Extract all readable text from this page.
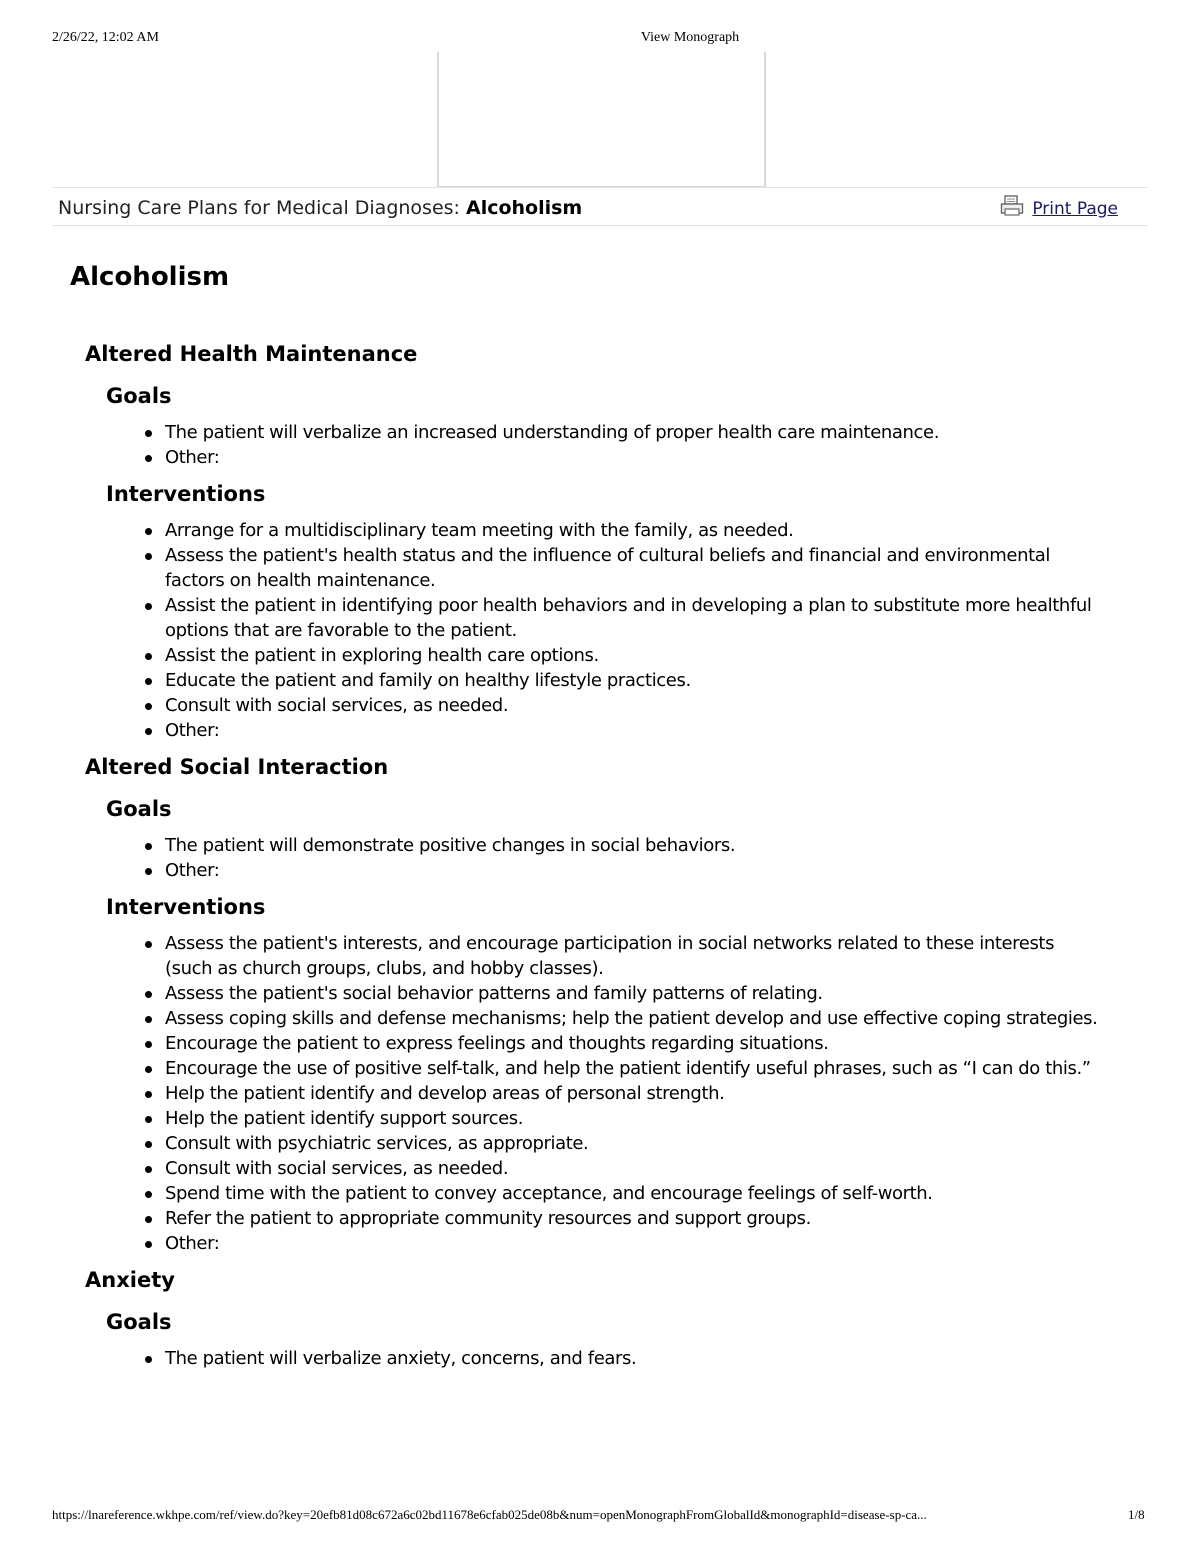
2/26/22, 12:02 AM	View Monograph
Nursing Care Plans for Medical Diagnoses: Alcoholism	Print Page
Alcoholism
Altered Health Maintenance
Goals
The patient will verbalize an increased understanding of proper health care maintenance.
Other:
Interventions
Arrange for a multidisciplinary team meeting with the family, as needed.
Assess the patient's health status and the influence of cultural beliefs and financial and environmental factors on health maintenance.
Assist the patient in identifying poor health behaviors and in developing a plan to substitute more healthful options that are favorable to the patient.
Assist the patient in exploring health care options.
Educate the patient and family on healthy lifestyle practices.
Consult with social services, as needed.
Other:
Altered Social Interaction
Goals
The patient will demonstrate positive changes in social behaviors.
Other:
Interventions
Assess the patient's interests, and encourage participation in social networks related to these interests (such as church groups, clubs, and hobby classes).
Assess the patient's social behavior patterns and family patterns of relating.
Assess coping skills and defense mechanisms; help the patient develop and use effective coping strategies.
Encourage the patient to express feelings and thoughts regarding situations.
Encourage the use of positive self-talk, and help the patient identify useful phrases, such as “I can do this.”
Help the patient identify and develop areas of personal strength.
Help the patient identify support sources.
Consult with psychiatric services, as appropriate.
Consult with social services, as needed.
Spend time with the patient to convey acceptance, and encourage feelings of self-worth.
Refer the patient to appropriate community resources and support groups.
Other:
Anxiety
Goals
The patient will verbalize anxiety, concerns, and fears.
https://lnareference.wkhpe.com/ref/view.do?key=20efb81d08c672a6c02bd11678e6cfab025de08b&num=openMonographFromGlobalId&monographId=disease-sp-ca...	1/8
